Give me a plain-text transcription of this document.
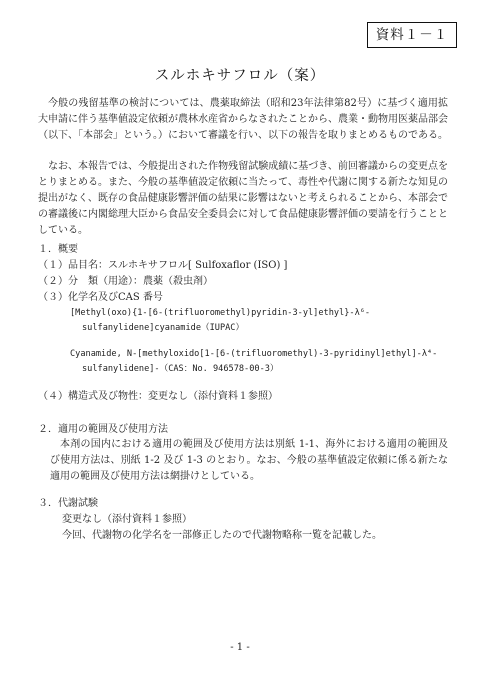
資料１－１
スルホキサフロル（案）

今般の残留基準の検討については、農薬取締法（昭和23年法律第82号）に基づく適用拡大申請に伴う基準値設定依頼が農林水産省からなされたことから、農業・動物用医薬品部会（以下、「本部会」という。）において審議を行い、以下の報告を取りまとめるものである。

なお、本報告では、今般提出された作物残留試験成績に基づき、前回審議からの変更点をとりまとめる。また、今般の基準値設定依頼に当たって、毒性や代謝に関する新たな知見の提出がなく、既存の食品健康影響評価の結果に影響はないと考えられることから、本部会での審議後に内閣総理大臣から食品安全委員会に対して食品健康影響評価の要請を行うこととしている。

１．概要

（１）品目名：スルホキサフロル[ Sulfoxaflor (ISO) ]

（２）分　類（用途）：農薬（殺虫剤）

（３）化学名及びCAS 番号

[Methyl(oxo){1-[6-(trifluoromethyl)pyridin-3-yl]ethyl}-λ⁶-

sulfanylidene]cyanamide（IUPAC）

Cyanamide, N-[methyloxido[1-[6-(trifluoromethyl)-3-pyridinyl]ethyl]-λ⁴-

sulfanylidene]-（CAS：No. 946578-00-3）

（４）構造式及び物性：変更なし（添付資料１参照）

２．適用の範囲及び使用方法

本剤の国内における適用の範囲及び使用方法は別紙 1-1、海外における適用の範囲及び使用方法は、別紙 1-2 及び 1-3 のとおり。なお、今般の基準値設定依頼に係る新たな適用の範囲及び使用方法は網掛けとしている。

３．代謝試験

変更なし（添付資料１参照）

今回、代謝物の化学名を一部修正したので代謝物略称一覧を記載した。

- 1 -
